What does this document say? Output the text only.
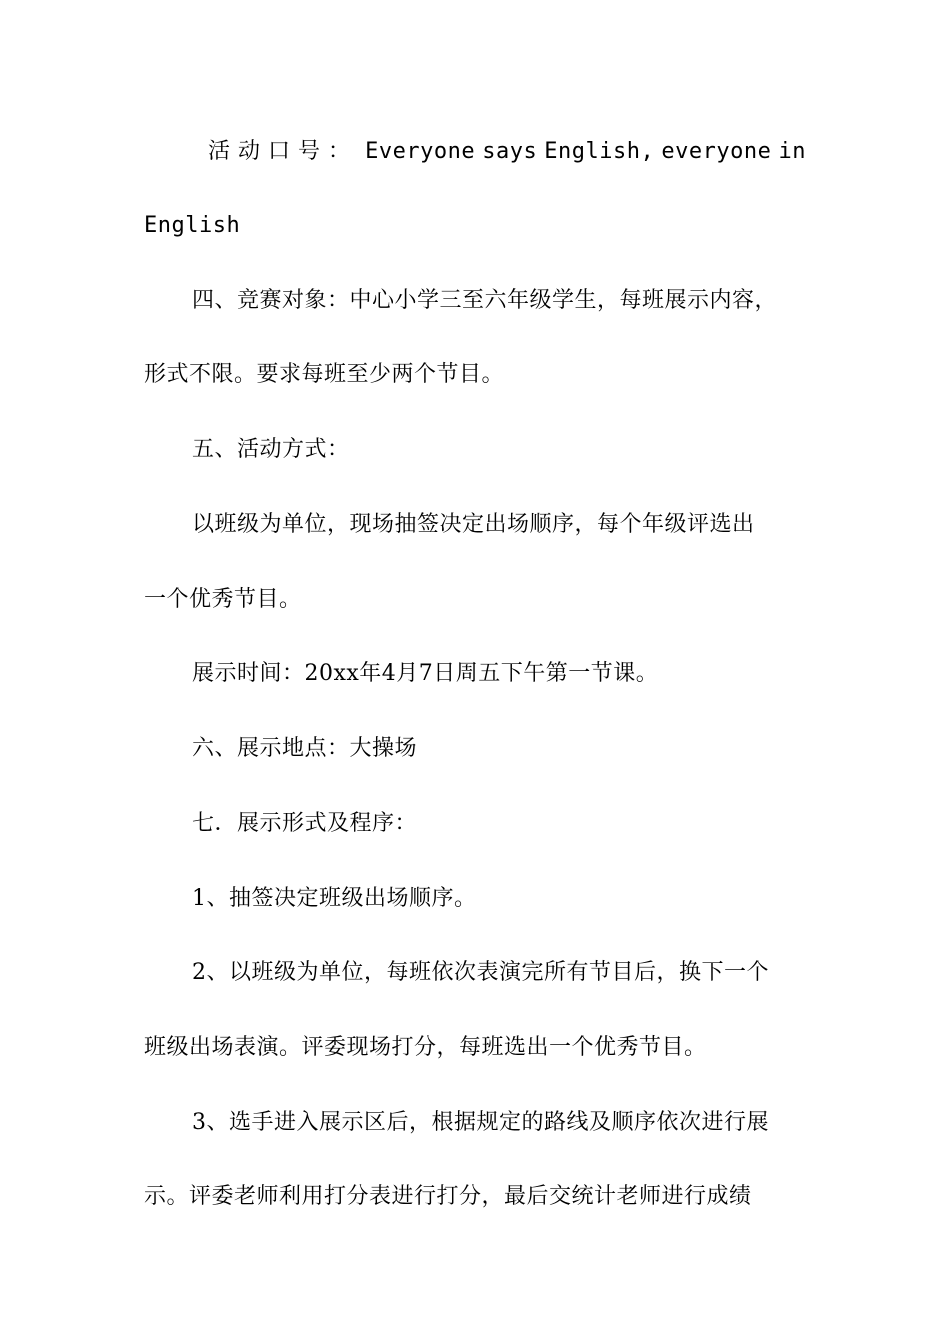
活动口号： Everyone says English, everyone in
English
四、竞赛对象：中心小学三至六年级学生，每班展示内容，
形式不限。要求每班至少两个节目。
五、活动方式：
以班级为单位，现场抽签决定出场顺序，每个年级评选出
一个优秀节目。
展示时间：20xx年4月7日周五下午第一节课。
六、展示地点：大操场
七．展示形式及程序：
1、抽签决定班级出场顺序。
2、以班级为单位，每班依次表演完所有节目后，换下一个
班级出场表演。评委现场打分，每班选出一个优秀节目。
3、选手进入展示区后，根据规定的路线及顺序依次进行展
示。评委老师利用打分表进行打分，最后交统计老师进行成绩
